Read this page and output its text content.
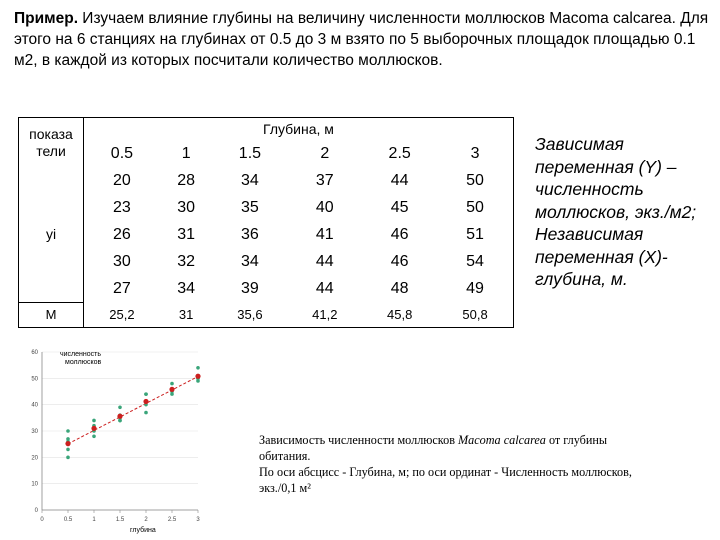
Пример. Изучаем влияние глубины на величину численности моллюсков Macoma calcarea. Для этого на 6 станциях на глубинах от 0.5 до 3 м взято по 5 выборочных площадок площадью 0.1 м2, в каждой из которых посчитали количество моллюсков.
показа тели	Глубина, м					
	0.5	1	1.5	2	2.5	3
yi	20	28	34	37	44	50
	23	30	35	40	45	50
	26	31	36	41	46	51
	30	32	34	44	46	54
	27	34	39	44	48	49
M	25,2	31	35,6	41,2	45,8	50,8
Зависимая переменная (Y) – численность моллюсков, экз./м2; Независимая переменная (X)- глубина, м.
0
10
20
30
40
50
60
0	0.5	1	1.5	2	2.5	3
численность моллюсков
глубина
Зависимость численности моллюсков Macoma calcarea от глубины обитания.
По оси абсцисс - Глубина, м; по оси ординат - Численность моллюсков, экз./0,1 м²
